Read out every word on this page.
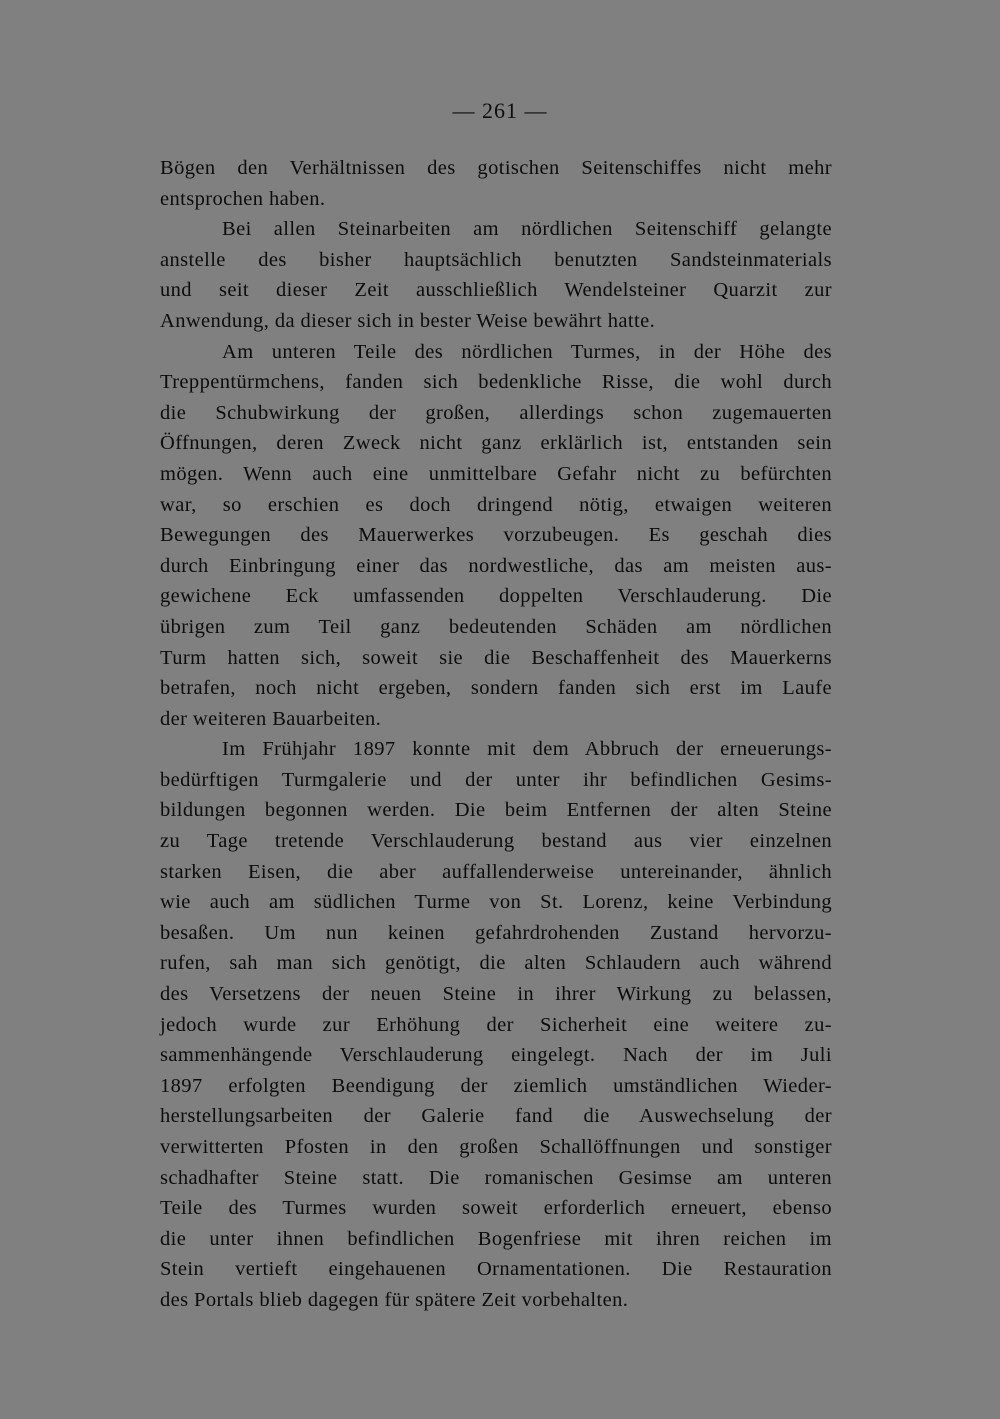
— 261 —
Bögen den Verhältnissen des gotischen Seitenschiffes nicht mehr
entsprochen haben.
Bei allen Steinarbeiten am nördlichen Seitenschiff gelangte
anstelle des bisher hauptsächlich benutzten Sandsteinmaterials
und seit dieser Zeit ausschließlich Wendelsteiner Quarzit zur
Anwendung, da dieser sich in bester Weise bewährt hatte.
Am unteren Teile des nördlichen Turmes, in der Höhe des
Treppentürmchens, fanden sich bedenkliche Risse, die wohl durch
die Schubwirkung der großen, allerdings schon zugemauerten
Öffnungen, deren Zweck nicht ganz erklärlich ist, entstanden sein
mögen. Wenn auch eine unmittelbare Gefahr nicht zu befürchten
war, so erschien es doch dringend nötig, etwaigen weiteren
Bewegungen des Mauerwerkes vorzubeugen. Es geschah dies
durch Einbringung einer das nordwestliche, das am meisten aus-
gewichene Eck umfassenden doppelten Verschlauderung. Die
übrigen zum Teil ganz bedeutenden Schäden am nördlichen
Turm hatten sich, soweit sie die Beschaffenheit des Mauerkerns
betrafen, noch nicht ergeben, sondern fanden sich erst im Laufe
der weiteren Bauarbeiten.
Im Frühjahr 1897 konnte mit dem Abbruch der erneuerungs-
bedürftigen Turmgalerie und der unter ihr befindlichen Gesims-
bildungen begonnen werden. Die beim Entfernen der alten Steine
zu Tage tretende Verschlauderung bestand aus vier einzelnen
starken Eisen, die aber auffallenderweise untereinander, ähnlich
wie auch am südlichen Turme von St. Lorenz, keine Verbindung
besaßen. Um nun keinen gefahrdrohenden Zustand hervorzu-
rufen, sah man sich genötigt, die alten Schlaudern auch während
des Versetzens der neuen Steine in ihrer Wirkung zu belassen,
jedoch wurde zur Erhöhung der Sicherheit eine weitere zu-
sammenhängende Verschlauderung eingelegt. Nach der im Juli
1897 erfolgten Beendigung der ziemlich umständlichen Wieder-
herstellungsarbeiten der Galerie fand die Auswechselung der
verwitterten Pfosten in den großen Schallöffnungen und sonstiger
schadhafter Steine statt. Die romanischen Gesimse am unteren
Teile des Turmes wurden soweit erforderlich erneuert, ebenso
die unter ihnen befindlichen Bogenfriese mit ihren reichen im
Stein vertieft eingehauenen Ornamentationen. Die Restauration
des Portals blieb dagegen für spätere Zeit vorbehalten.
